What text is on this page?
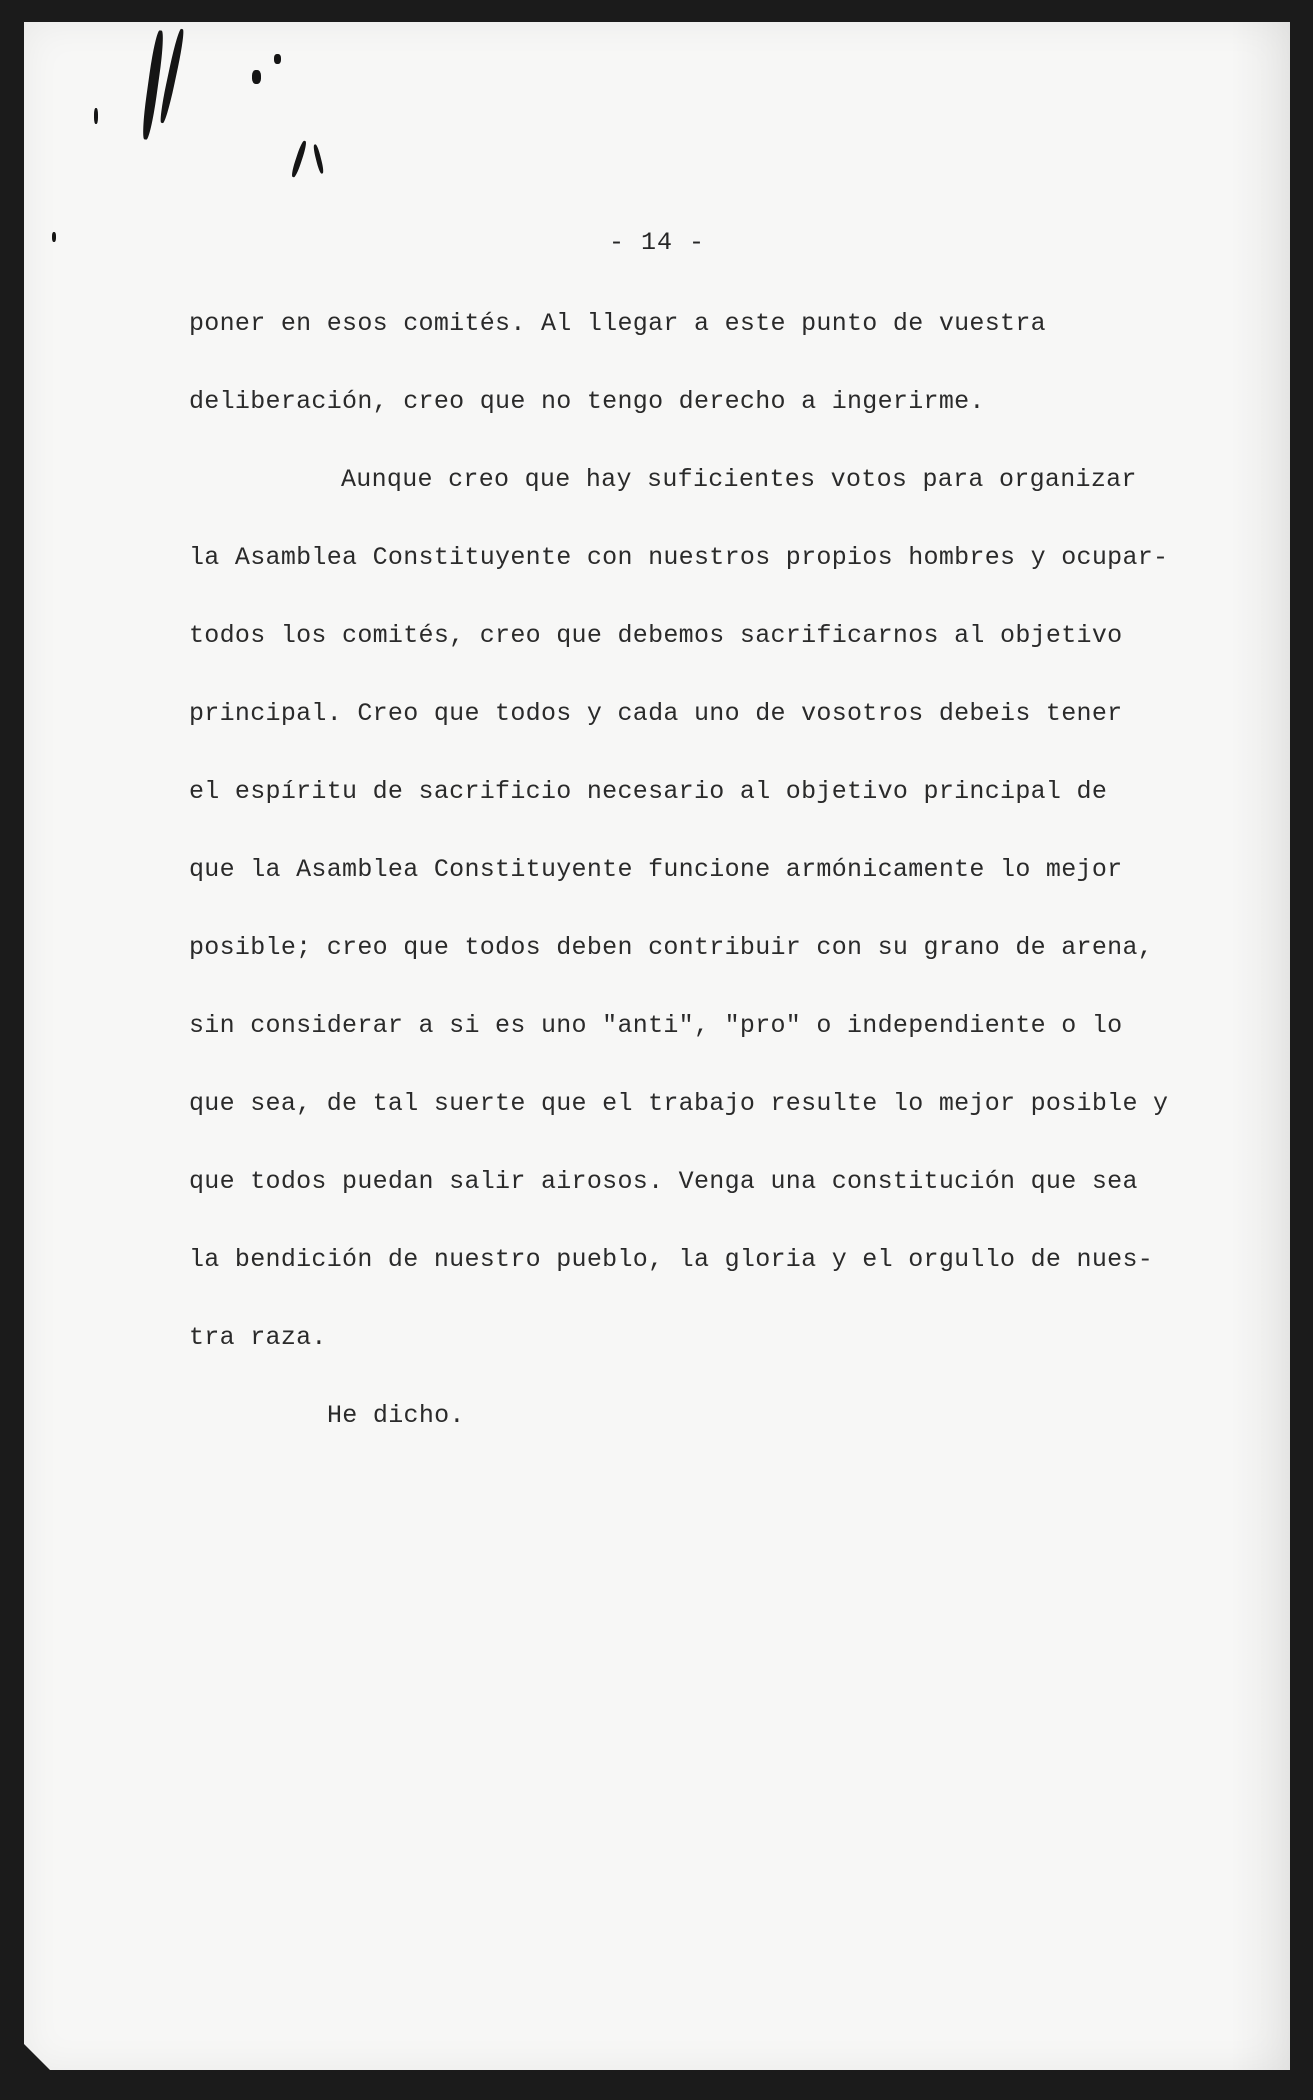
- 14 -
poner en esos comités. Al llegar a este punto de vuestra
deliberación, creo que no tengo derecho a ingerirme.
Aunque creo que hay suficientes votos para organizar
la Asamblea Constituyente con nuestros propios hombres y ocupar-
todos los comités, creo que debemos sacrificarnos al objetivo
principal. Creo que todos y cada uno de vosotros debeis tener
el espíritu de sacrificio necesario al objetivo principal de
que la Asamblea Constituyente funcione armónicamente lo mejor
posible; creo que todos deben contribuir con su grano de arena,
sin considerar a si es uno "anti", "pro" o independiente o lo
que sea, de tal suerte que el trabajo resulte lo mejor posible y
que todos puedan salir airosos. Venga una constitución que sea
la bendición de nuestro pueblo, la gloria y el orgullo de nues-
tra raza.
He dicho.
